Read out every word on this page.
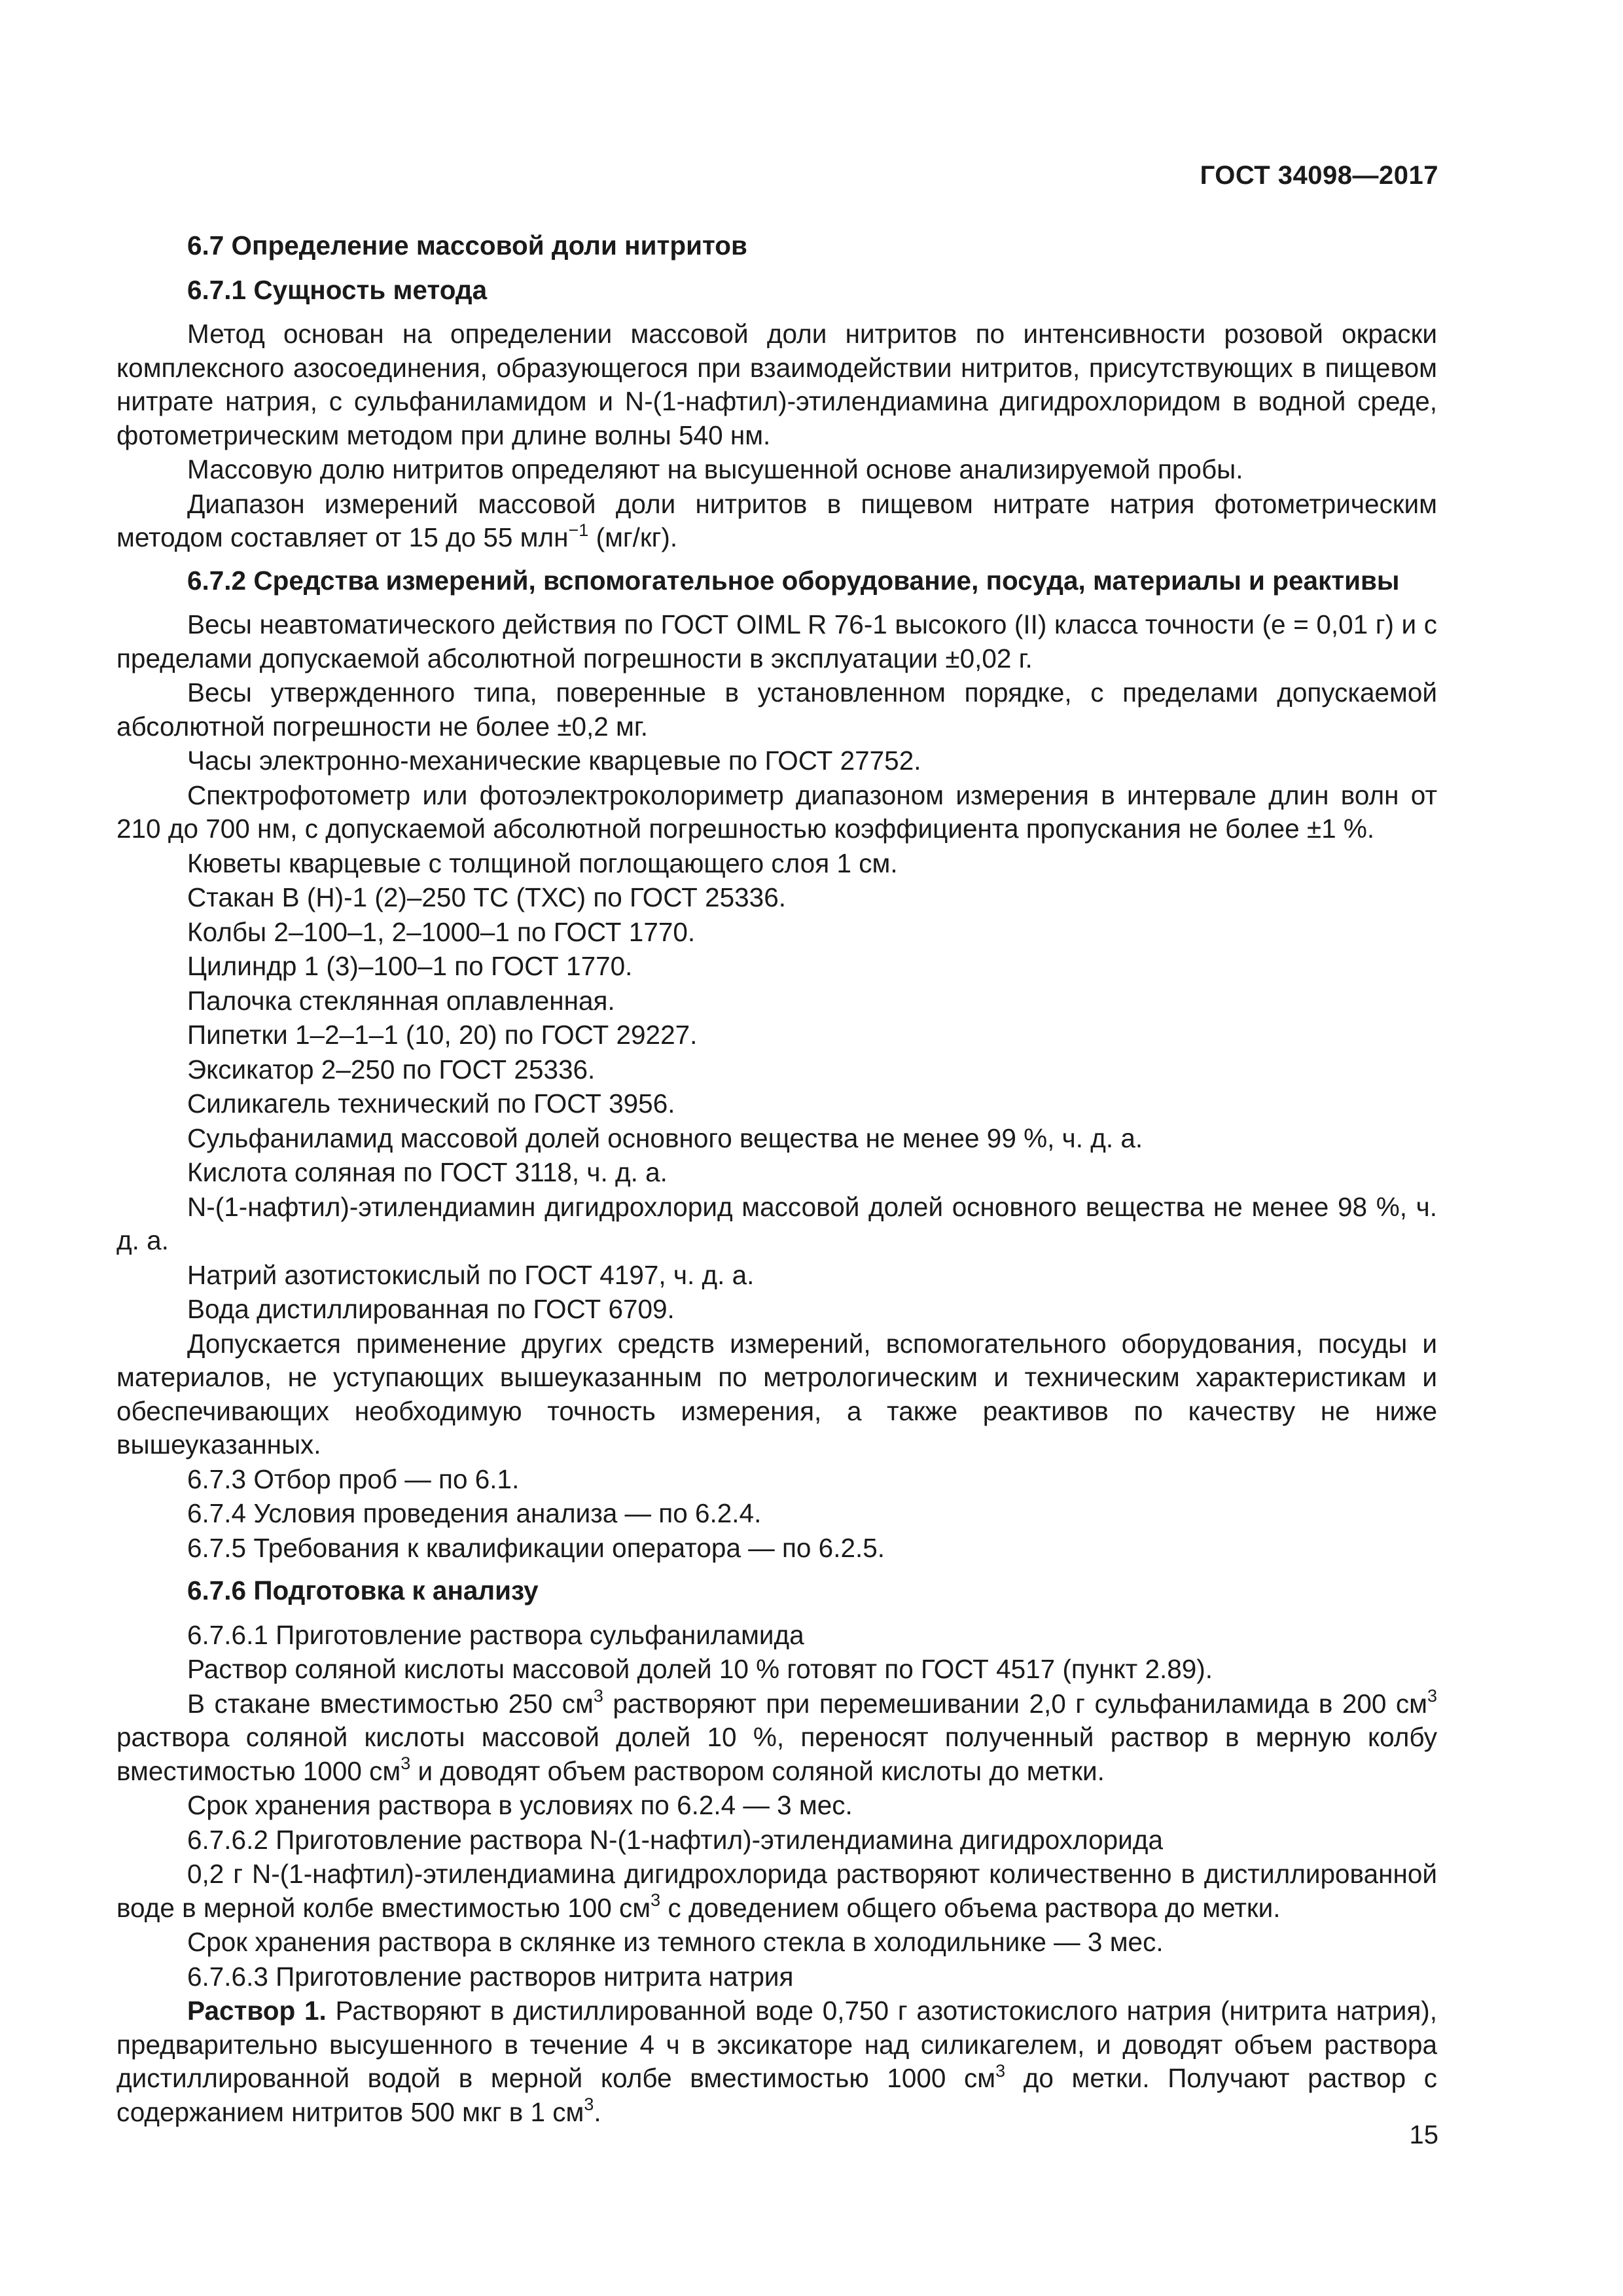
ГОСТ 34098—2017
6.7 Определение массовой доли нитритов
6.7.1 Сущность метода
Метод основан на определении массовой доли нитритов по интенсивности розовой окраски комплексного азосоединения, образующегося при взаимодействии нитритов, присутствующих в пищевом нитрате натрия, с сульфаниламидом и N-(1-нафтил)-этилендиамина дигидрохлоридом в водной среде, фотометрическим методом при длине волны 540 нм.
Массовую долю нитритов определяют на высушенной основе анализируемой пробы.
Диапазон измерений массовой доли нитритов в пищевом нитрате натрия фотометрическим методом составляет от 15 до 55 млн$^{-1}$ (мг/кг).
6.7.2 Средства измерений, вспомогательное оборудование, посуда, материалы и реактивы
Весы неавтоматического действия по ГОСТ OIML R 76-1 высокого (II) класса точности (е = 0,01 г) и с пределами допускаемой абсолютной погрешности в эксплуатации ±0,02 г.
Весы утвержденного типа, поверенные в установленном порядке, с пределами допускаемой абсолютной погрешности не более ±0,2 мг.
Часы электронно-механические кварцевые по ГОСТ 27752.
Спектрофотометр или фотоэлектроколориметр диапазоном измерения в интервале длин волн от 210 до 700 нм, с допускаемой абсолютной погрешностью коэффициента пропускания не более ±1 %.
Кюветы кварцевые с толщиной поглощающего слоя 1 см.
Стакан В (Н)-1 (2)–250 ТС (ТХС) по ГОСТ 25336.
Колбы 2–100–1, 2–1000–1 по ГОСТ 1770.
Цилиндр 1 (3)–100–1 по ГОСТ 1770.
Палочка стеклянная оплавленная.
Пипетки 1–2–1–1 (10, 20) по ГОСТ 29227.
Эксикатор 2–250 по ГОСТ 25336.
Силикагель технический по ГОСТ 3956.
Сульфаниламид массовой долей основного вещества не менее 99 %, ч. д. а.
Кислота соляная по ГОСТ 3118, ч. д. а.
N-(1-нафтил)-этилендиамин дигидрохлорид массовой долей основного вещества не менее 98 %, ч. д. а.
Натрий азотистокислый по ГОСТ 4197, ч. д. а.
Вода дистиллированная по ГОСТ 6709.
Допускается применение других средств измерений, вспомогательного оборудования, посуды и материалов, не уступающих вышеуказанным по метрологическим и техническим характеристикам и обеспечивающих необходимую точность измерения, а также реактивов по качеству не ниже вышеуказанных.
6.7.3 Отбор проб — по 6.1.
6.7.4 Условия проведения анализа — по 6.2.4.
6.7.5 Требования к квалификации оператора — по 6.2.5.
6.7.6 Подготовка к анализу
6.7.6.1 Приготовление раствора сульфаниламида
Раствор соляной кислоты массовой долей 10 % готовят по ГОСТ 4517 (пункт 2.89).
В стакане вместимостью 250 $см^3$ растворяют при перемешивании 2,0 г сульфаниламида в 200 $см^3$ раствора соляной кислоты массовой долей 10 %, переносят полученный раствор в мерную колбу вместимостью 1000 $см^3$ и доводят объем раствором соляной кислоты до метки.
Срок хранения раствора в условиях по 6.2.4 — 3 мес.
6.7.6.2 Приготовление раствора N-(1-нафтил)-этилендиамина дигидрохлорида
0,2 г N-(1-нафтил)-этилендиамина дигидрохлорида растворяют количественно в дистиллированной воде в мерной колбе вместимостью 100 $см^3$ с доведением общего объема раствора до метки.
Срок хранения раствора в склянке из темного стекла в холодильнике — 3 мес.
6.7.6.3 Приготовление растворов нитрита натрия
Раствор 1. Растворяют в дистиллированной воде 0,750 г азотистокислого натрия (нитрита натрия), предварительно высушенного в течение 4 ч в эксикаторе над силикагелем, и доводят объем раствора дистиллированной водой в мерной колбе вместимостью 1000 $см^3$ до метки. Получают раствор с содержанием нитритов 500 мкг в 1 $см^3$.
15
